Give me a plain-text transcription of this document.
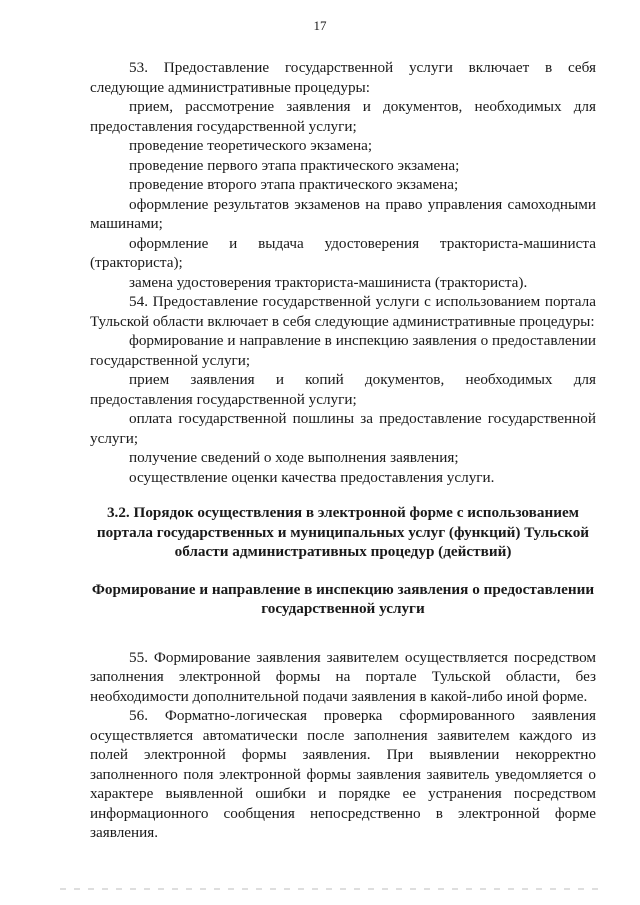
17

53. Предоставление государственной услуги включает в себя следующие административные процедуры:

прием, рассмотрение заявления и документов, необходимых для предоставления государственной услуги;

проведение теоретического экзамена;

проведение первого этапа практического экзамена;

проведение второго этапа практического экзамена;

оформление результатов экзаменов на право управления самоходными машинами;

оформление и выдача удостоверения тракториста-машиниста (тракториста);

замена удостоверения тракториста-машиниста (тракториста).

54. Предоставление государственной услуги с использованием портала Тульской области включает в себя следующие административные процедуры:

формирование и направление в инспекцию заявления о предоставлении государственной услуги;

прием заявления и копий документов, необходимых для предоставления государственной услуги;

оплата государственной пошлины за предоставление государственной услуги;

получение сведений о ходе выполнения заявления;

осуществление оценки качества предоставления услуги.

3.2. Порядок осуществления в электронной форме с использованием портала государственных и муниципальных услуг (функций) Тульской области административных процедур (действий)

Формирование и направление в инспекцию заявления о предоставлении государственной услуги

55. Формирование заявления заявителем осуществляется посредством заполнения электронной формы на портале Тульской области, без необходимости дополнительной подачи заявления в какой-либо иной форме.

56. Форматно-логическая проверка сформированного заявления осуществляется автоматически после заполнения заявителем каждого из полей электронной формы заявления. При выявлении некорректно заполненного поля электронной формы заявления заявитель уведомляется о характере выявленной ошибки и порядке ее устранения посредством информационного сообщения непосредственно в электронной форме заявления.
